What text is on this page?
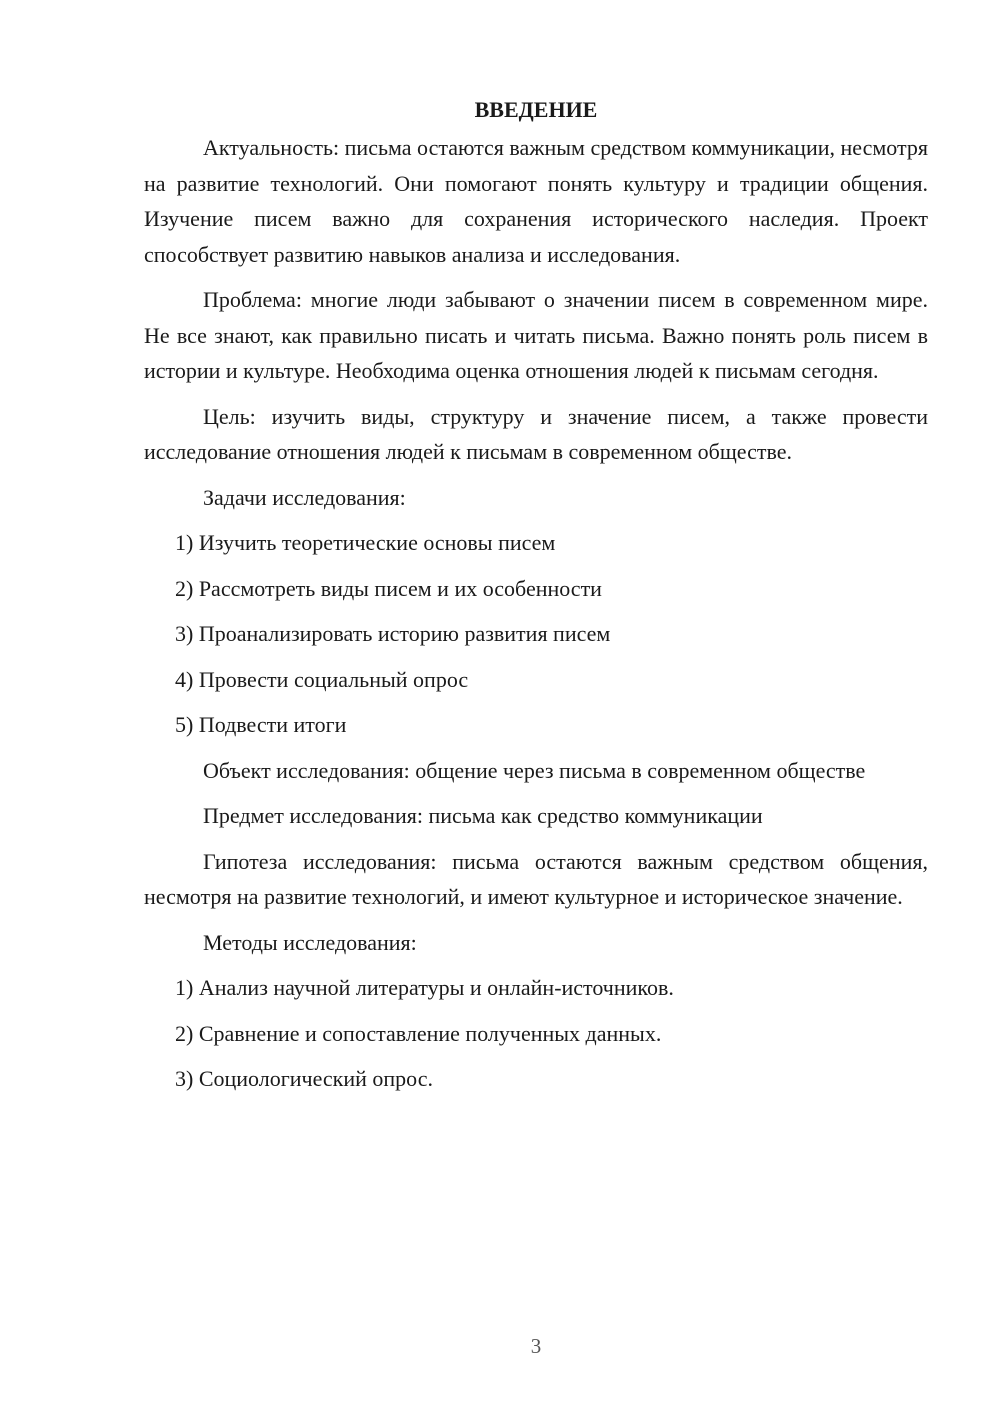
ВВЕДЕНИЕ

Актуальность: письма остаются важным средством коммуникации, несмотря на развитие технологий. Они помогают понять культуру и традиции общения. Изучение писем важно для сохранения исторического наследия. Проект способствует развитию навыков анализа и исследования.

Проблема: многие люди забывают о значении писем в современном мире. Не все знают, как правильно писать и читать письма. Важно понять роль писем в истории и культуре. Необходима оценка отношения людей к письмам сегодня.

Цель: изучить виды, структуру и значение писем, а также провести исследование отношения людей к письмам в современном обществе.

Задачи исследования:

1) Изучить теоретические основы писем

2) Рассмотреть виды писем и их особенности

3) Проанализировать историю развития писем

4) Провести социальный опрос

5) Подвести итоги

Объект исследования: общение через письма в современном обществе

Предмет исследования: письма как средство коммуникации

Гипотеза исследования: письма остаются важным средством общения, несмотря на развитие технологий, и имеют культурное и историческое значение.

Методы исследования:

1) Анализ научной литературы и онлайн-источников.

2) Сравнение и сопоставление полученных данных.

3) Социологический опрос.

3
